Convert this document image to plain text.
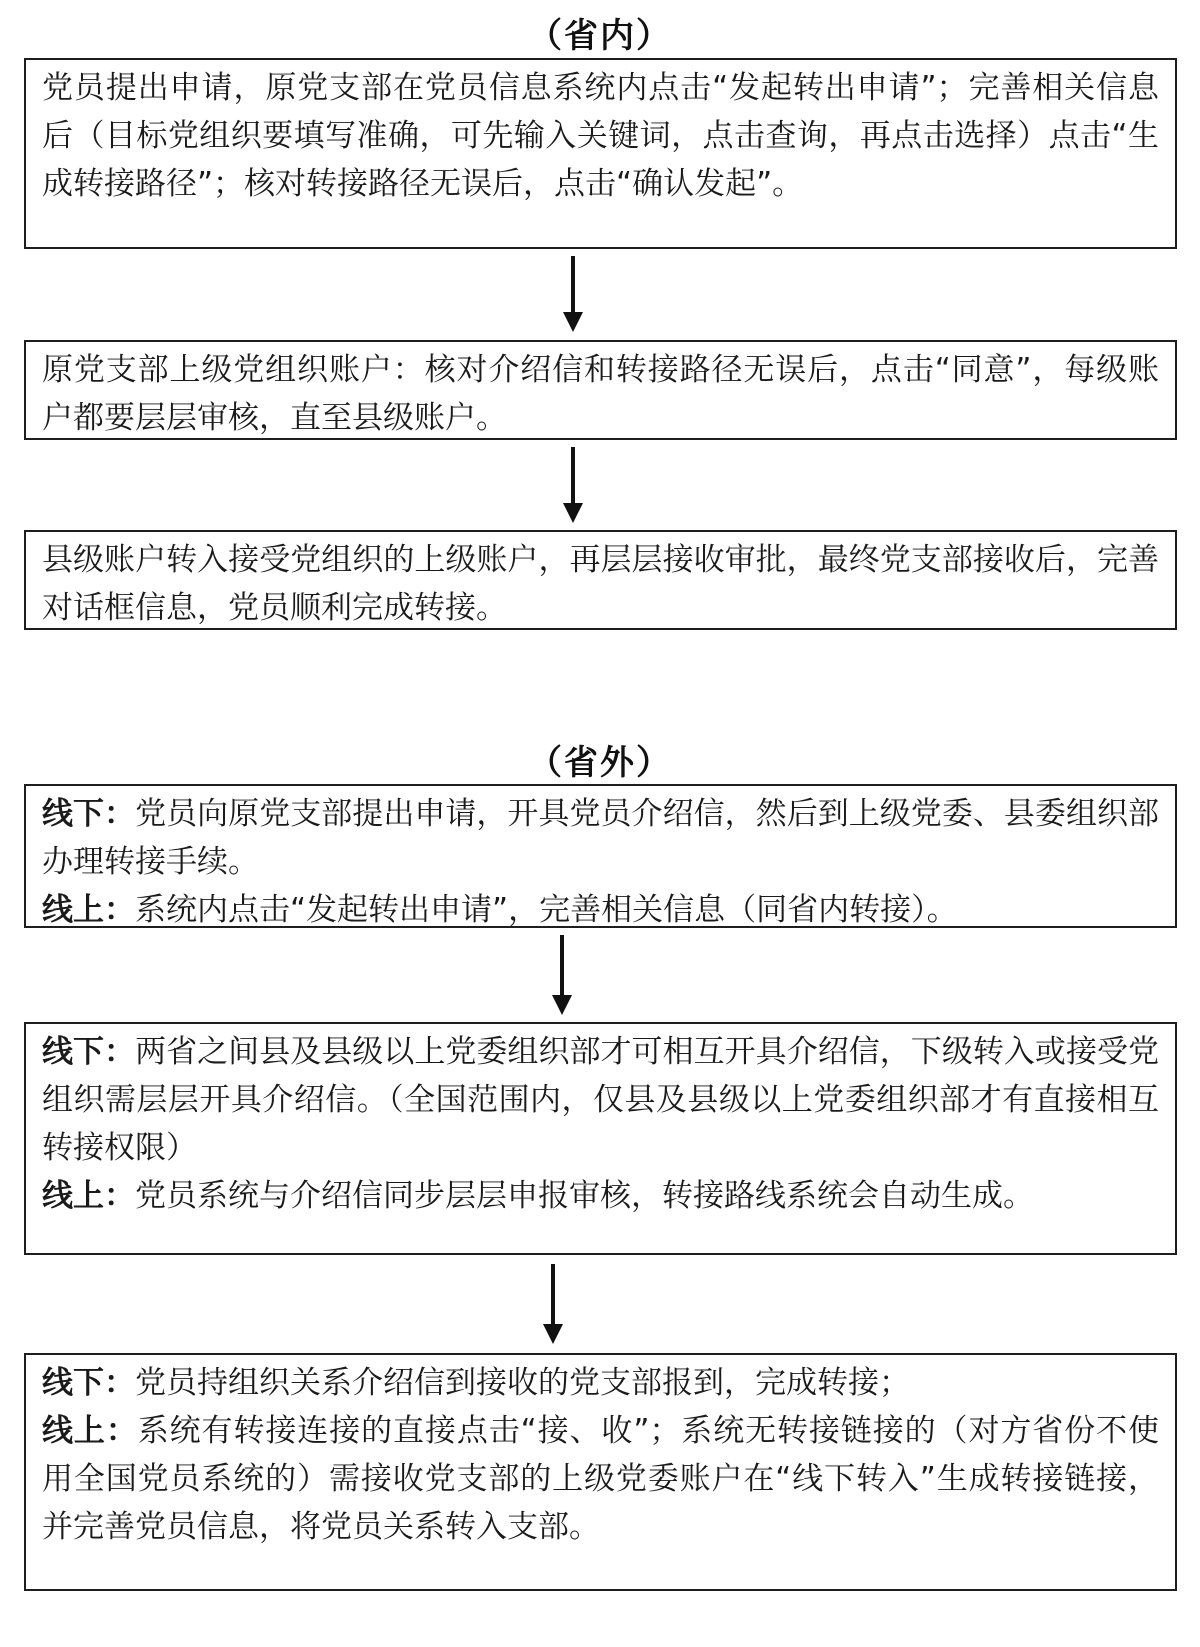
（省内）

党员提出申请，原党支部在党员信息系统内点击“发起转出申请”；完善相关信息后（目标党组织要填写准确，可先输入关键词，点击查询，再点击选择）点击“生成转接路径”；核对转接路径无误后，点击“确认发起”。

原党支部上级党组织账户：核对介绍信和转接路径无误后，点击“同意”，每级账户都要层层审核，直至县级账户。

县级账户转入接受党组织的上级账户，再层层接收审批，最终党支部接收后，完善对话框信息，党员顺利完成转接。

（省外）

线下：党员向原党支部提出申请，开具党员介绍信，然后到上级党委、县委组织部办理转接手续。

线上：系统内点击“发起转出申请”，完善相关信息（同省内转接）。

线下：两省之间县及县级以上党委组织部才可相互开具介绍信，下级转入或接受党组织需层层开具介绍信。（全国范围内，仅县及县级以上党委组织部才有直接相互转接权限）

线上：党员系统与介绍信同步层层申报审核，转接路线系统会自动生成。

线下：党员持组织关系介绍信到接收的党支部报到，完成转接；

线上：系统有转接连接的直接点击“接、收”；系统无转接链接的（对方省份不使用全国党员系统的）需接收党支部的上级党委账户在“线下转入”生成转接链接，并完善党员信息，将党员关系转入支部。
